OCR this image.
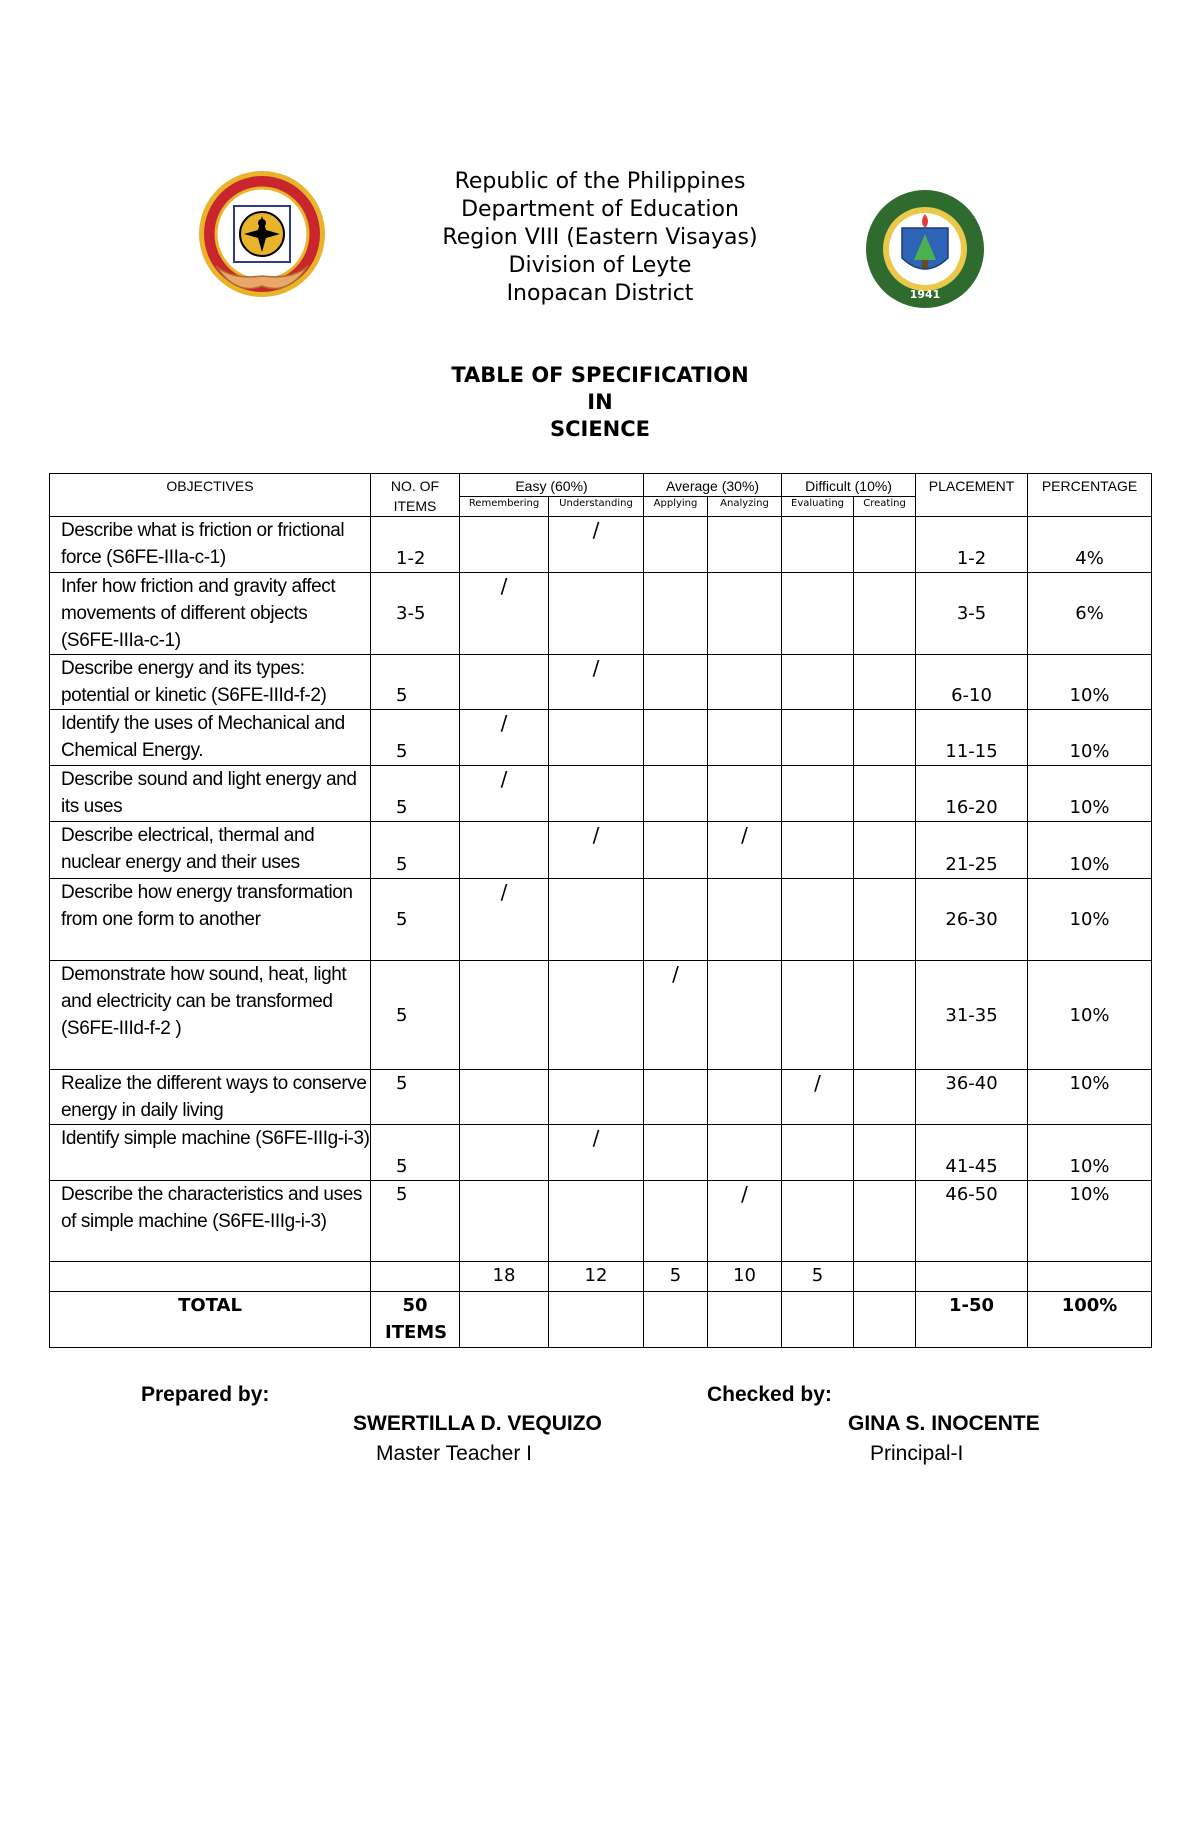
1941
Republic of the Philippines
Department of Education
Region VIII (Eastern Visayas)
Division of Leyte
Inopacan District
TABLE OF SPECIFICATION
IN
SCIENCE
OBJECTIVES	NO. OF ITEMS	Easy (60%)		Average (30%)		Difficult (10%)		PLACEMENT	PERCENTAGE
		Remembering	Understanding	Applying	Analyzing	Evaluating	Creating		
Describe what is friction or frictional force (S6FE-IIIa-c-1)	1-2		/					1-2	4%
Infer how friction and gravity affect movements of different objects (S6FE-IIIa-c-1)	3-5	/						3-5	6%
Describe energy and its types: potential or kinetic (S6FE-IIId-f-2)	5		/					6-10	10%
Identify the uses of Mechanical and Chemical Energy.	5	/						11-15	10%
Describe sound and light energy and its uses	5	/						16-20	10%
Describe electrical, thermal and nuclear energy and their uses	5		/		/			21-25	10%
Describe how energy transformation from one form to another	5	/						26-30	10%
Demonstrate how sound, heat, light and electricity can be transformed (S6FE-IIId-f-2 )	5			/				31-35	10%
Realize the different ways to conserve energy in daily living	5					/		36-40	10%
Identify simple machine (S6FE-IIIg-i-3)	5		/					41-45	10%
Describe the characteristics and uses of simple machine (S6FE-IIIg-i-3)	5				/			46-50	10%
		18	12	5	10	5			
TOTAL	50 ITEMS							1-50	100%
Prepared by:
SWERTILLA D. VEQUIZO
Master Teacher I
Checked by:
GINA S. INOCENTE
Principal-I
